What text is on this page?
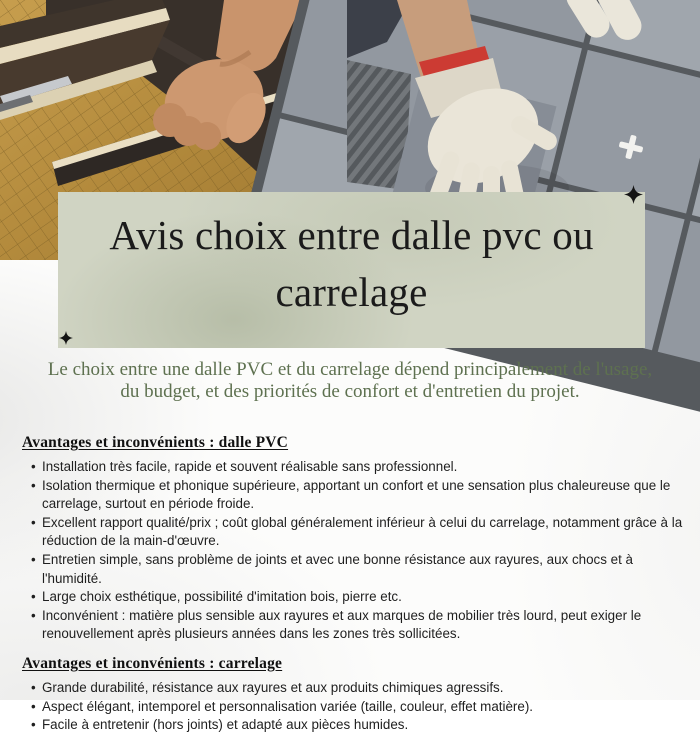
Avis choix entre dalle pvc ou carrelage

Le choix entre une dalle PVC et du carrelage dépend principalement de l'usage, du budget, et des priorités de confort et d'entretien du projet.

Avantages et inconvénients : dalle PVC
• Installation très facile, rapide et souvent réalisable sans professionnel.
• Isolation thermique et phonique supérieure, apportant un confort et une sensation plus chaleureuse que le carrelage, surtout en période froide.
• Excellent rapport qualité/prix ; coût global généralement inférieur à celui du carrelage, notamment grâce à la réduction de la main-d'œuvre.
• Entretien simple, sans problème de joints et avec une bonne résistance aux rayures, aux chocs et à l'humidité.
• Large choix esthétique, possibilité d'imitation bois, pierre etc.
• Inconvénient : matière plus sensible aux rayures et aux marques de mobilier très lourd, peut exiger le renouvellement après plusieurs années dans les zones très sollicitées.
Avantages et inconvénients : carrelage
• Grande durabilité, résistance aux rayures et aux produits chimiques agressifs.
• Aspect élégant, intemporel et personnalisation variée (taille, couleur, effet matière).
• Facile à entretenir (hors joints) et adapté aux pièces humides.
